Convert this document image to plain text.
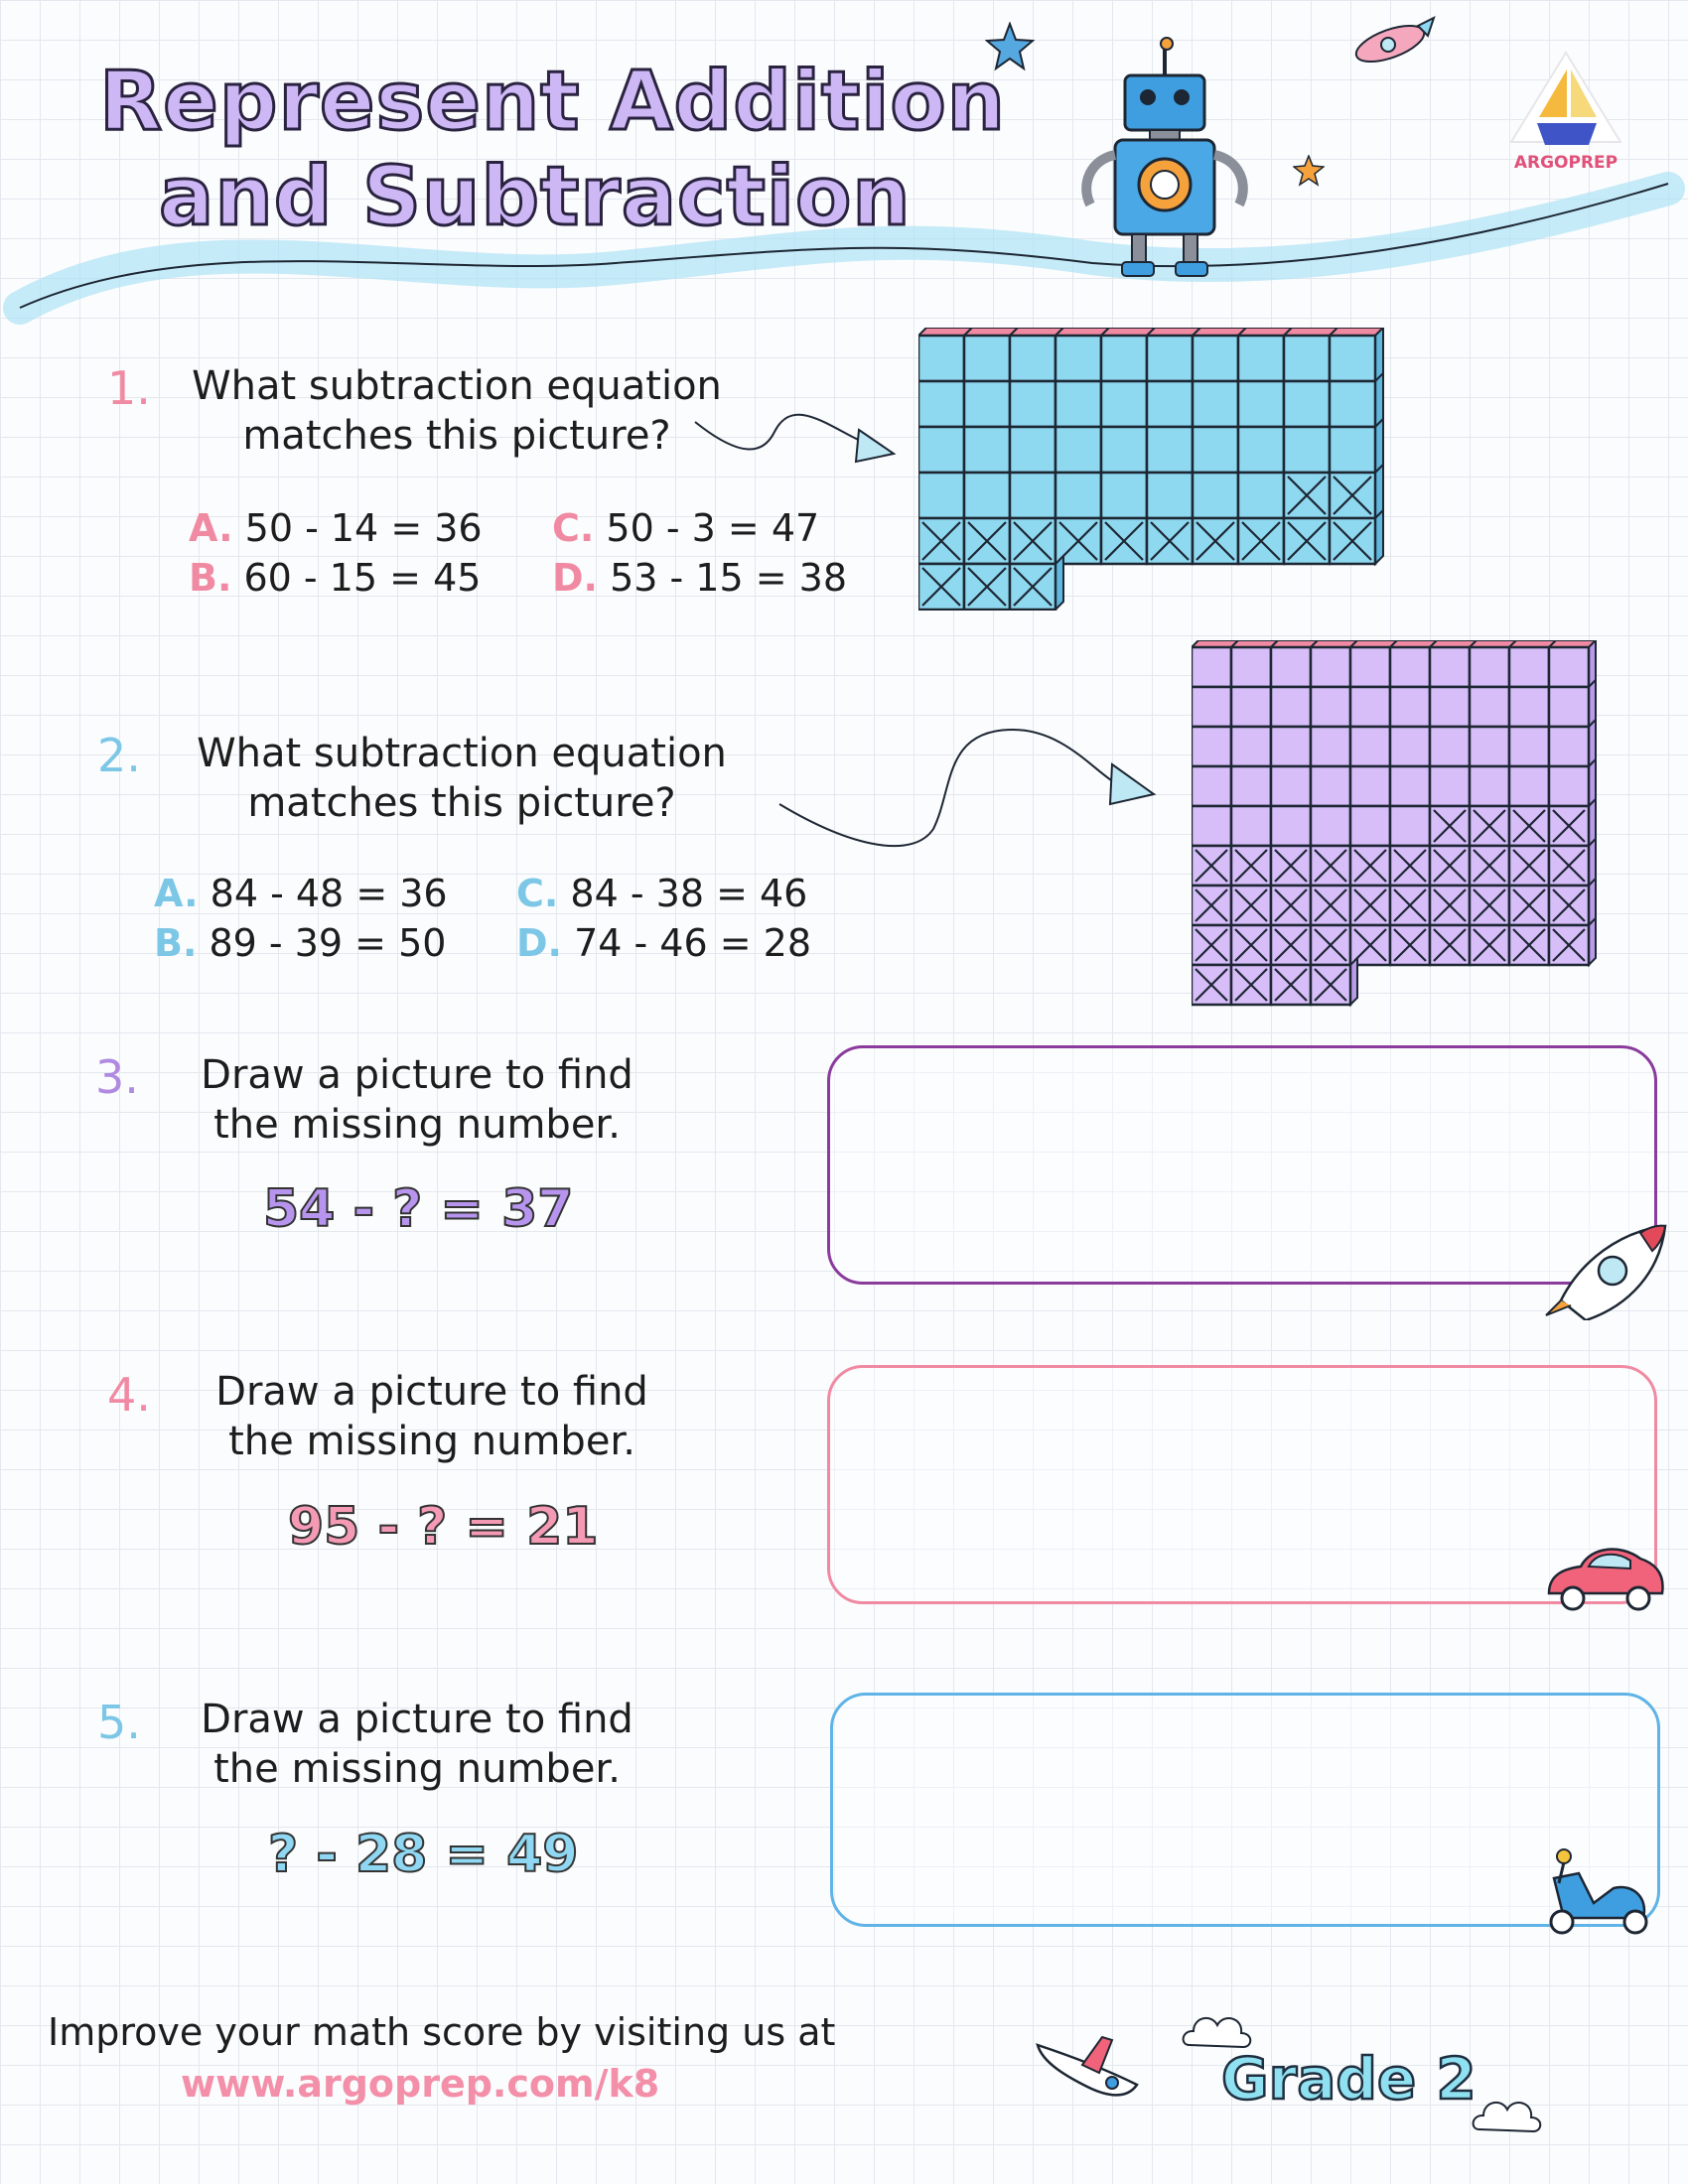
Represent Addition
and Subtraction	ARGOPREP
1.	What subtraction equation
matches this picture?
A. 50 - 14 = 36
B. 60 - 15 = 45
C. 50 - 3 = 47
D. 53 - 15 = 38
2.	What subtraction equation
matches this picture?
A. 84 - 48 = 36
B. 89 - 39 = 50
C. 84 - 38 = 46
D. 74 - 46 = 28
3.	Draw a picture to find
the missing number.
54 - ? = 37
4.	Draw a picture to find
the missing number.
95 - ? = 21
5.	Draw a picture to find
the missing number.
? - 28 = 49
Improve your math score by visiting us at
www.argoprep.com/k8	Grade 2
